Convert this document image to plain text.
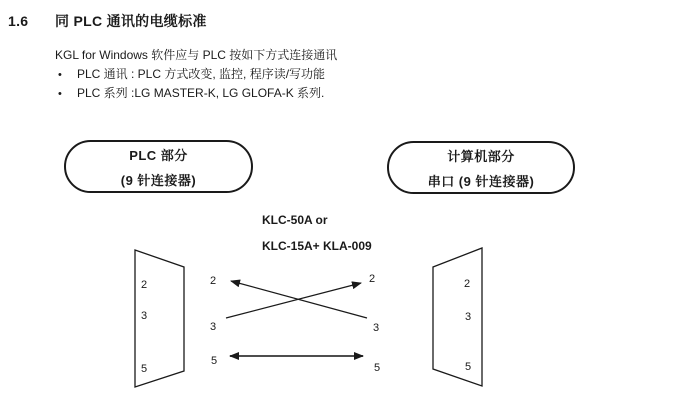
1.6 同 PLC 通讯的电缆标准
KGL for Windows 软件应与 PLC 按如下方式连接通讯
• PLC 通讯 : PLC 方式改变, 监控, 程序读/写功能
• PLC 系列 :LG MASTER-K, LG GLOFA-K 系列.
PLC 部分
(9 针连接器)
计算机部分
串口 (9 针连接器)
KLC-50A or
KLC-15A+ KLA-009
2
3
5
2
3
5
2
3
5
2
3
5
